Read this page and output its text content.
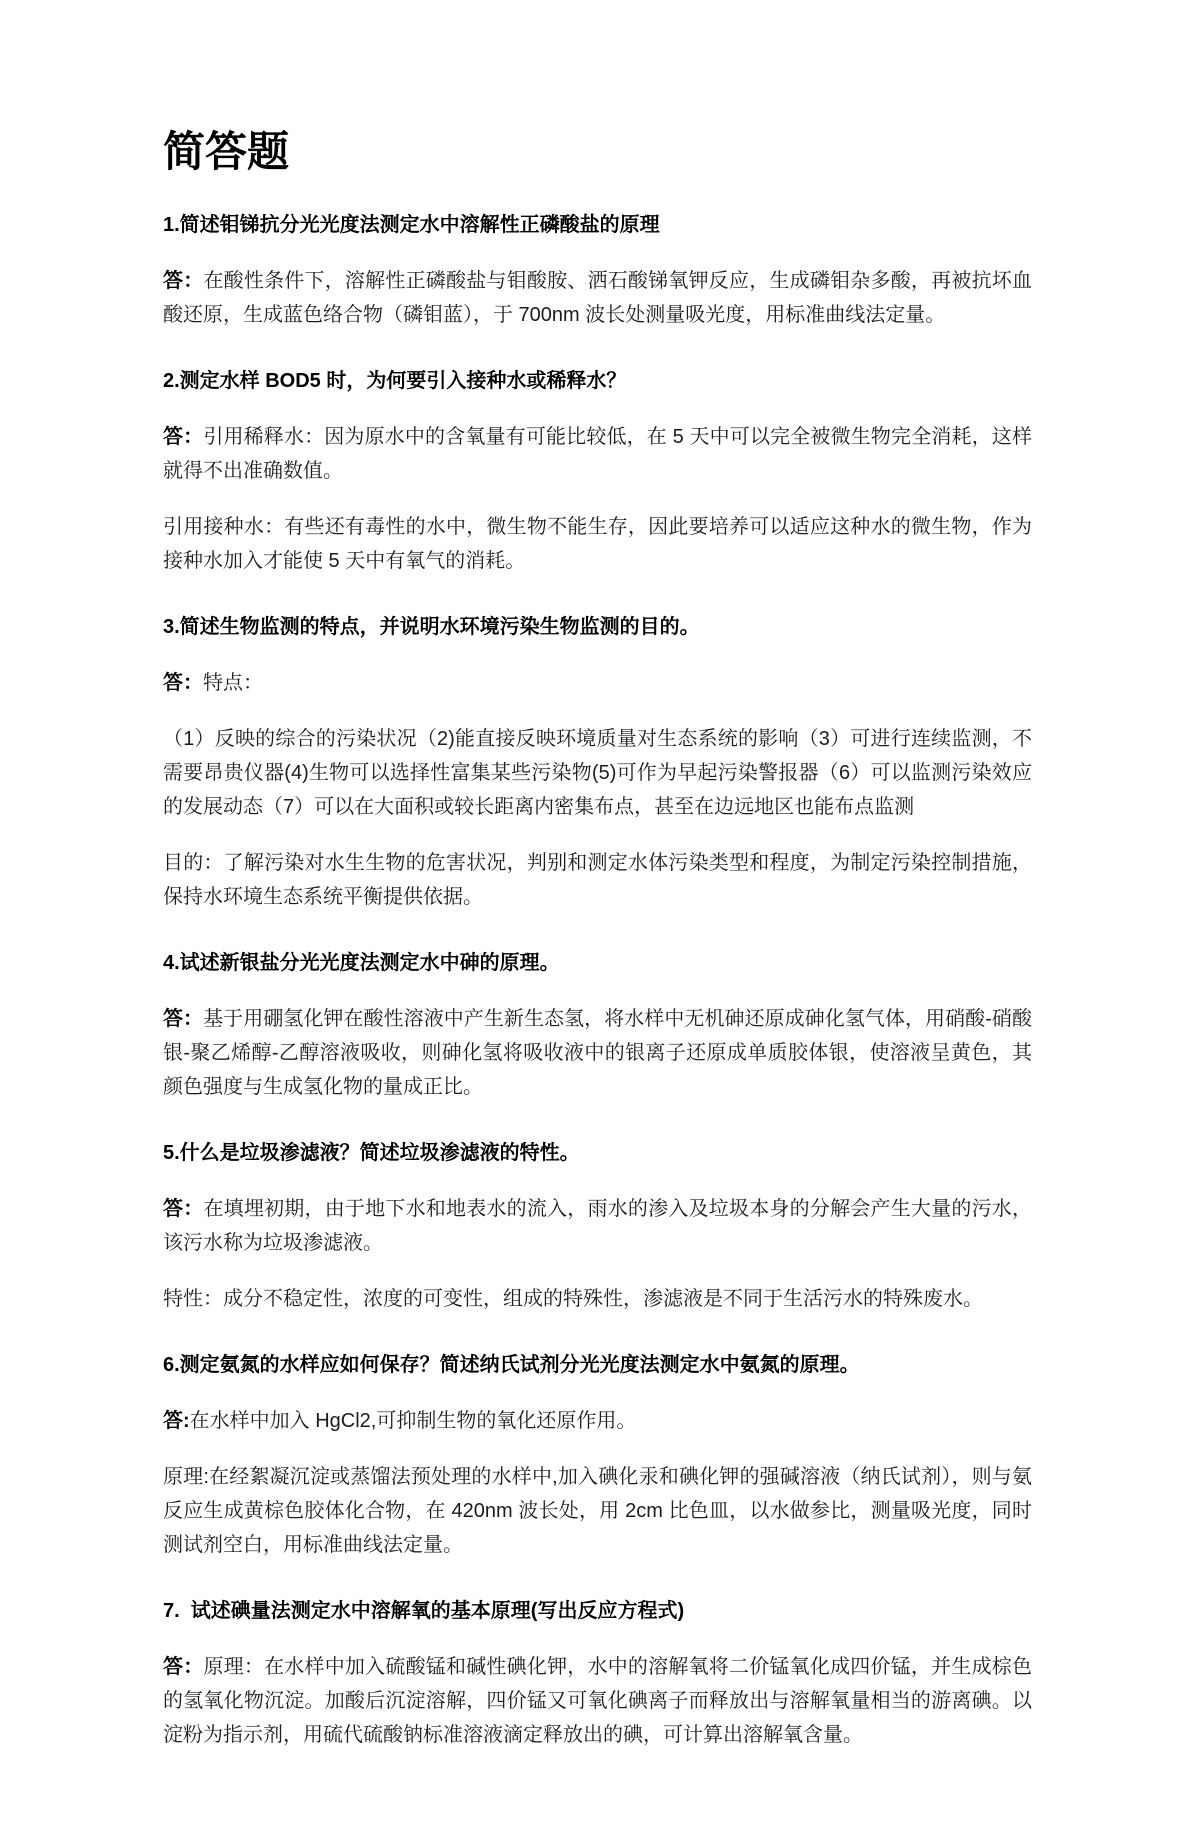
简答题
1.简述钼锑抗分光光度法测定水中溶解性正磷酸盐的原理

答：在酸性条件下，溶解性正磷酸盐与钼酸胺、洒石酸锑氧钾反应，生成磷钼杂多酸，再被抗坏血酸还原，生成蓝色络合物（磷钼蓝），于 700nm 波长处测量吸光度，用标准曲线法定量。

2.测定水样 BOD5 时，为何要引入接种水或稀释水？

答：引用稀释水：因为原水中的含氧量有可能比较低，在 5 天中可以完全被微生物完全消耗，这样就得不出准确数值。

引用接种水：有些还有毒性的水中，微生物不能生存，因此要培养可以适应这种水的微生物，作为接种水加入才能使 5 天中有氧气的消耗。

3.简述生物监测的特点，并说明水环境污染生物监测的目的。

答：特点：

（1）反映的综合的污染状况（2)能直接反映环境质量对生态系统的影响（3）可进行连续监测，不需要昂贵仪器(4)生物可以选择性富集某些污染物(5)可作为早起污染警报器（6）可以监测污染效应的发展动态（7）可以在大面积或较长距离内密集布点，甚至在边远地区也能布点监测

目的：了解污染对水生生物的危害状况，判别和测定水体污染类型和程度，为制定污染控制措施，保持水环境生态系统平衡提供依据。

4.试述新银盐分光光度法测定水中砷的原理。

答：基于用硼氢化钾在酸性溶液中产生新生态氢，将水样中无机砷还原成砷化氢气体，用硝酸-硝酸银-聚乙烯醇-乙醇溶液吸收，则砷化氢将吸收液中的银离子还原成单质胶体银，使溶液呈黄色，其颜色强度与生成氢化物的量成正比。

5.什么是垃圾渗滤液？简述垃圾渗滤液的特性。

答：在填埋初期，由于地下水和地表水的流入，雨水的渗入及垃圾本身的分解会产生大量的污水，该污水称为垃圾渗滤液。

特性：成分不稳定性，浓度的可变性，组成的特殊性，渗滤液是不同于生活污水的特殊废水。

6.测定氨氮的水样应如何保存？简述纳氏试剂分光光度法测定水中氨氮的原理。

答:在水样中加入 HgCl2,可抑制生物的氧化还原作用。

原理:在经絮凝沉淀或蒸馏法预处理的水样中,加入碘化汞和碘化钾的强碱溶液（纳氏试剂），则与氨反应生成黄棕色胶体化合物，在 420nm 波长处，用 2cm 比色皿，以水做参比，测量吸光度，同时测试剂空白，用标准曲线法定量。

7.  试述碘量法测定水中溶解氧的基本原理(写出反应方程式)

答：原理：在水样中加入硫酸锰和碱性碘化钾，水中的溶解氧将二价锰氧化成四价锰，并生成棕色的氢氧化物沉淀。加酸后沉淀溶解，四价锰又可氧化碘离子而释放出与溶解氧量相当的游离碘。以淀粉为指示剂，用硫代硫酸钠标准溶液滴定释放出的碘，可计算出溶解氧含量。
